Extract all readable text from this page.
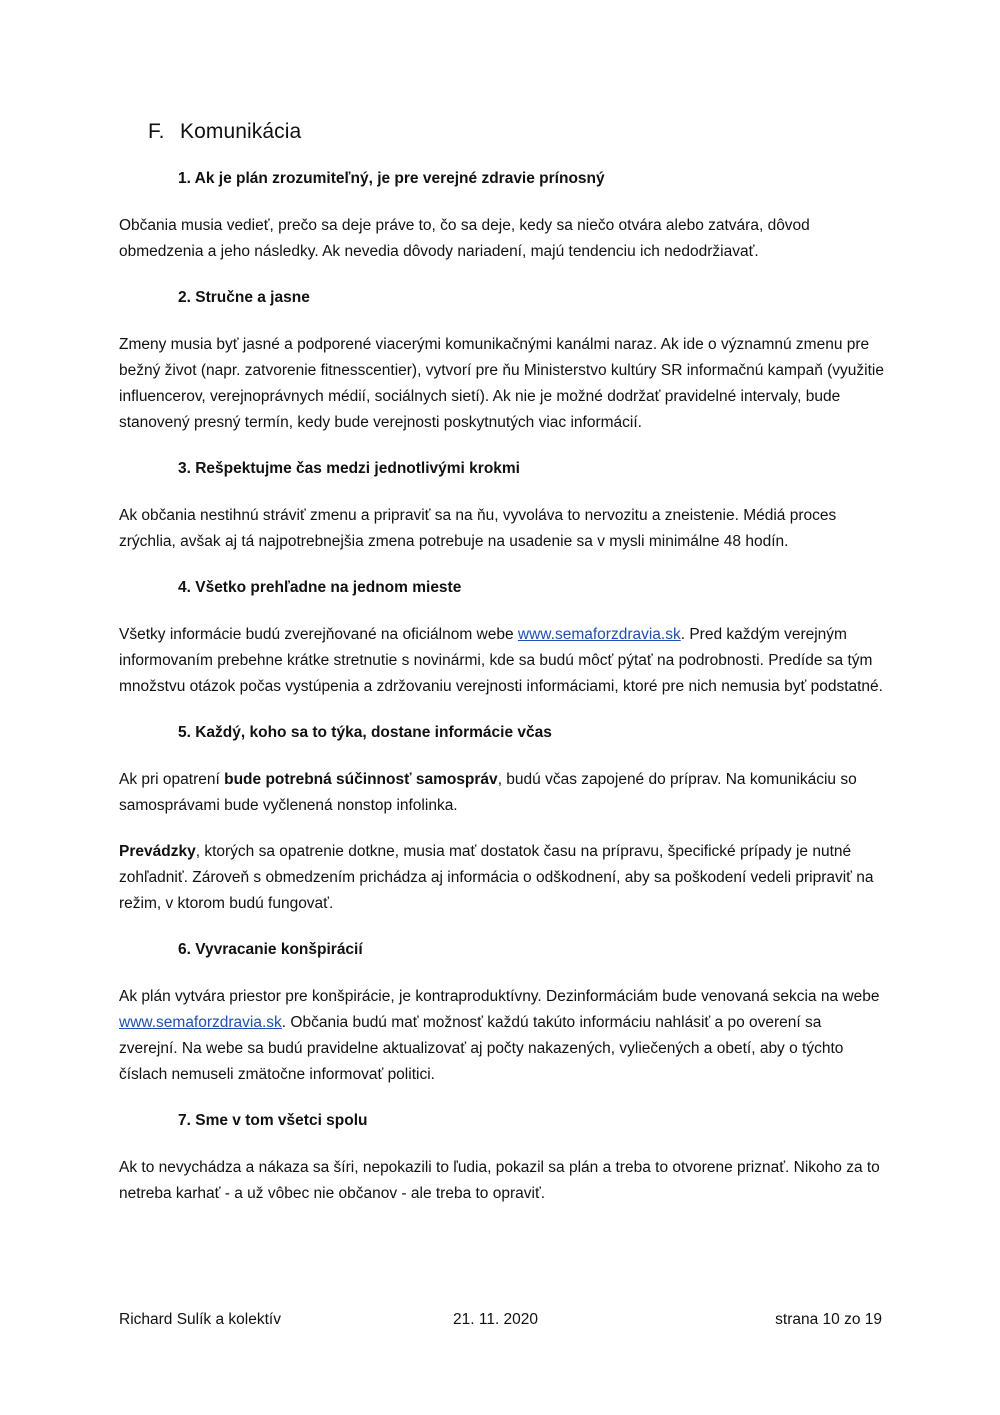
F. Komunikácia
1. Ak je plán zrozumiteľný, je pre verejné zdravie prínosný

Občania musia vedieť, prečo sa deje práve to, čo sa deje, kedy sa niečo otvára alebo zatvára, dôvod obmedzenia a jeho následky. Ak nevedia dôvody nariadení, majú tendenciu ich nedodržiavať.

2. Stručne a jasne

Zmeny musia byť jasné a podporené viacerými komunikačnými kanálmi naraz. Ak ide o významnú zmenu pre bežný život (napr. zatvorenie fitnesscentier), vytvorí pre ňu Ministerstvo kultúry SR informačnú kampaň (využitie influencerov, verejnoprávnych médií, sociálnych sietí). Ak nie je možné dodržať pravidelné intervaly, bude stanovený presný termín, kedy bude verejnosti poskytnutých viac informácií.

3. Rešpektujme čas medzi jednotlivými krokmi

Ak občania nestihnú stráviť zmenu a pripraviť sa na ňu, vyvoláva to nervozitu a zneistenie. Médiá proces zrýchlia, avšak aj tá najpotrebnejšia zmena potrebuje na usadenie sa v mysli minimálne 48 hodín.

4. Všetko prehľadne na jednom mieste

Všetky informácie budú zverejňované na oficiálnom webe www.semaforzdravia.sk. Pred každým verejným informovaním prebehne krátke stretnutie s novinármi, kde sa budú môcť pýtať na podrobnosti. Predíde sa tým množstvu otázok počas vystúpenia a zdržovaniu verejnosti informáciami, ktoré pre nich nemusia byť podstatné.

5. Každý, koho sa to týka, dostane informácie včas

Ak pri opatrení bude potrebná súčinnosť samospráv, budú včas zapojené do príprav. Na komunikáciu so samosprávami bude vyčlenená nonstop infolinka.

Prevádzky, ktorých sa opatrenie dotkne, musia mať dostatok času na prípravu, špecifické prípady je nutné zohľadniť. Zároveň s obmedzením prichádza aj informácia o odškodnení, aby sa poškodení vedeli pripraviť na režim, v ktorom budú fungovať.

6. Vyvracanie konšpirácií

Ak plán vytvára priestor pre konšpirácie, je kontraproduktívny. Dezinformáciám bude venovaná sekcia na webe www.semaforzdravia.sk. Občania budú mať možnosť každú takúto informáciu nahlásiť a po overení sa zverejní. Na webe sa budú pravidelne aktualizovať aj počty nakazených, vyliečených a obetí, aby o týchto číslach nemuseli zmätočne informovať politici.

7. Sme v tom všetci spolu

Ak to nevychádza a nákaza sa šíri, nepokazili to ľudia, pokazil sa plán a treba to otvorene priznať. Nikoho za to netreba karhať - a už vôbec nie občanov - ale treba to opraviť.

Richard Sulík a kolektív	21. 11. 2020	strana 10 zo 19
